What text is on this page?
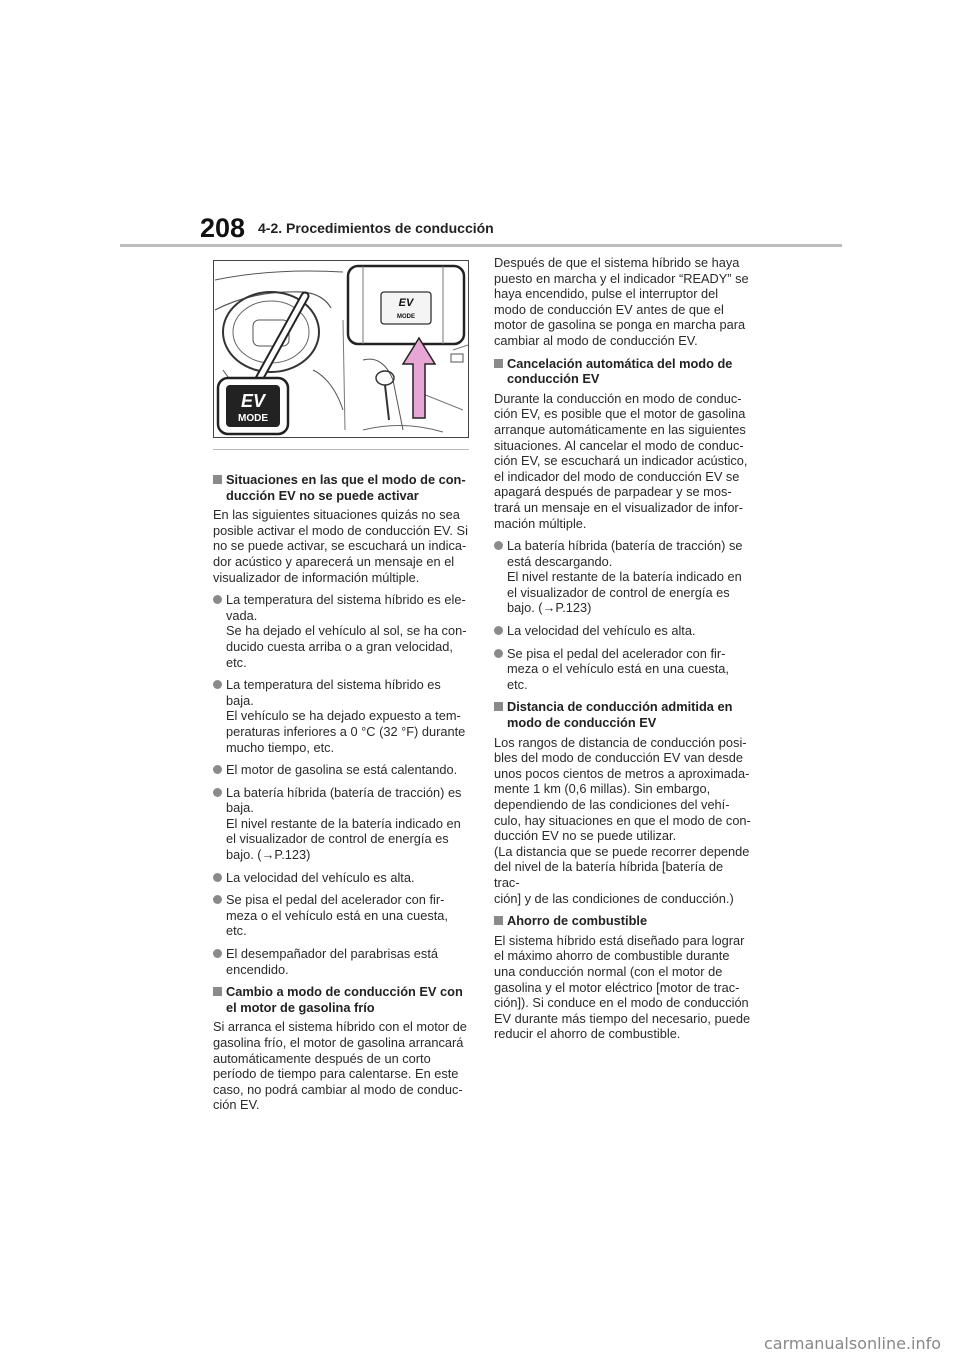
208 4-2. Procedimientos de conducción
EV
MODE
EV
MODE
Situaciones en las que el modo de con-
ducción EV no se puede activar

En las siguientes situaciones quizás no sea
posible activar el modo de conducción EV. Si
no se puede activar, se escuchará un indica-
dor acústico y aparecerá un mensaje en el
visualizador de información múltiple.

La temperatura del sistema híbrido es ele-
vada.
Se ha dejado el vehículo al sol, se ha con-
ducido cuesta arriba o a gran velocidad,
etc.
La temperatura del sistema híbrido es
baja.
El vehículo se ha dejado expuesto a tem-
peraturas inferiores a 0 °C (32 °F) durante
mucho tiempo, etc.
El motor de gasolina se está calentando.
La batería híbrida (batería de tracción) es
baja.
El nivel restante de la batería indicado en
el visualizador de control de energía es
bajo. (→P.123)
La velocidad del vehículo es alta.
Se pisa el pedal del acelerador con fir-
meza o el vehículo está en una cuesta,
etc.
El desempañador del parabrisas está
encendido.
Cambio a modo de conducción EV con
el motor de gasolina frío

Si arranca el sistema híbrido con el motor de
gasolina frío, el motor de gasolina arrancará
automáticamente después de un corto
período de tiempo para calentarse. En este
caso, no podrá cambiar al modo de conduc-
ción EV.

Después de que el sistema híbrido se haya
puesto en marcha y el indicador “READY” se
haya encendido, pulse el interruptor del
modo de conducción EV antes de que el
motor de gasolina se ponga en marcha para
cambiar al modo de conducción EV.

Cancelación automática del modo de
conducción EV

Durante la conducción en modo de conduc-
ción EV, es posible que el motor de gasolina
arranque automáticamente en las siguientes
situaciones. Al cancelar el modo de conduc-
ción EV, se escuchará un indicador acústico,
el indicador del modo de conducción EV se
apagará después de parpadear y se mos-
trará un mensaje en el visualizador de infor-
mación múltiple.

La batería híbrida (batería de tracción) se
está descargando.
El nivel restante de la batería indicado en
el visualizador de control de energía es
bajo. (→P.123)
La velocidad del vehículo es alta.
Se pisa el pedal del acelerador con fir-
meza o el vehículo está en una cuesta,
etc.
Distancia de conducción admitida en
modo de conducción EV

Los rangos de distancia de conducción posi-
bles del modo de conducción EV van desde
unos pocos cientos de metros a aproximada-
mente 1 km (0,6 millas). Sin embargo,
dependiendo de las condiciones del vehí-
culo, hay situaciones en que el modo de con-
ducción EV no se puede utilizar.
(La distancia que se puede recorrer depende
del nivel de la batería híbrida [batería de trac-
ción] y de las condiciones de conducción.)

Ahorro de combustible

El sistema híbrido está diseñado para lograr
el máximo ahorro de combustible durante
una conducción normal (con el motor de
gasolina y el motor eléctrico [motor de trac-
ción]). Si conduce en el modo de conducción
EV durante más tiempo del necesario, puede
reducir el ahorro de combustible.

carmanualsonline.info
